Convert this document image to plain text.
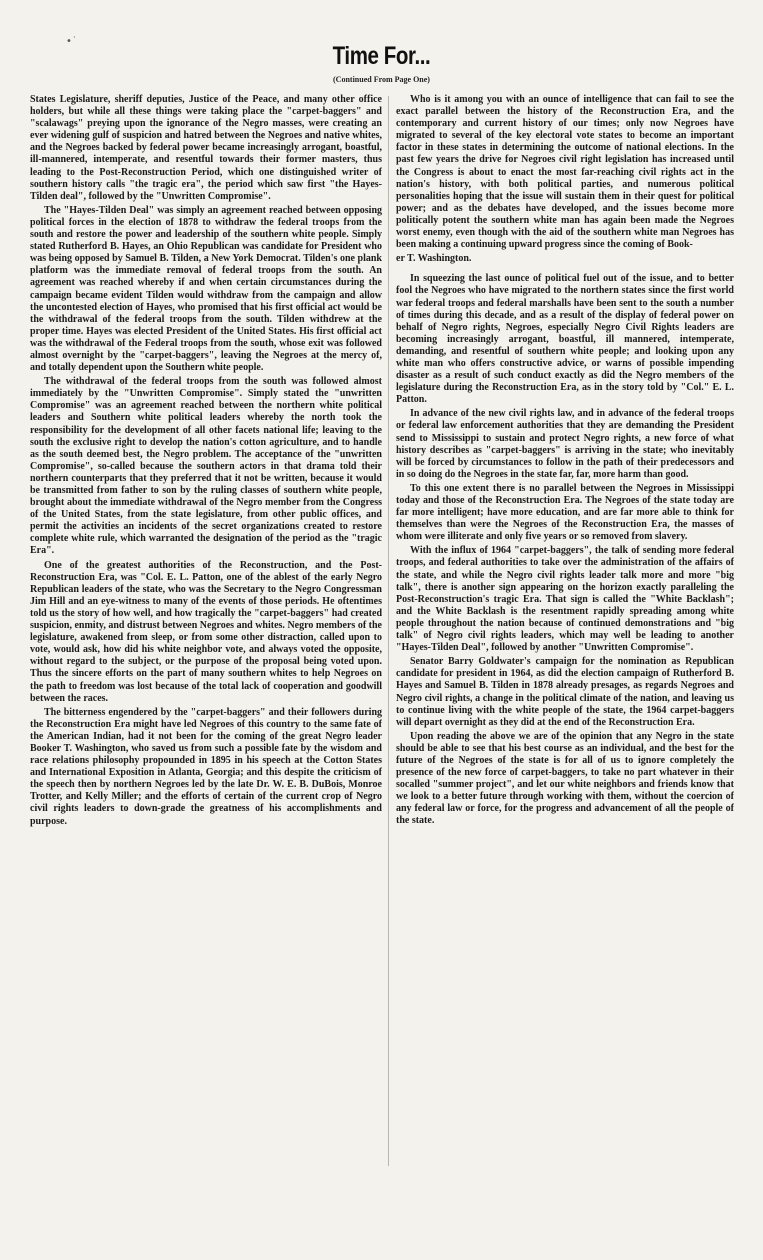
•˙
Time For...
(Continued From Page One)

States Legislature, sheriff deputies, Justice of the Peace, and many other office holders, but while all these things were taking place the "carpet-baggers" and "scalawags" preying upon the ignorance of the Negro masses, were creating an ever widening gulf of suspicion and hatred between the Negroes and native whites, and the Negroes backed by federal power became increasingly arrogant, boastful, ill-mannered, intemperate, and resentful towards their former masters, thus leading to the Post-Reconstruction Period, which one distinguished writer of southern history calls "the tragic era", the period which saw first "the Hayes-Tilden deal", followed by the "Unwritten Compromise".

The "Hayes-Tilden Deal" was simply an agreement reached between opposing political forces in the election of 1878 to withdraw the federal troops from the south and restore the power and leadership of the southern white people. Simply stated Rutherford B. Hayes, an Ohio Republican was candidate for President who was being opposed by Samuel B. Tilden, a New York Democrat. Tilden's one plank platform was the immediate removal of federal troops from the south. An agreement was reached whereby if and when certain circumstances during the campaign became evident Tilden would withdraw from the campaign and allow the uncontested election of Hayes, who promised that his first official act would be the withdrawal of the federal troops from the south. Tilden withdrew at the proper time. Hayes was elected President of the United States. His first official act was the withdrawal of the Federal troops from the south, whose exit was followed almost overnight by the "carpet-baggers", leaving the Negroes at the mercy of, and totally dependent upon the Southern white people.

The withdrawal of the federal troops from the south was followed almost immediately by the "Unwritten Compromise". Simply stated the "unwritten Compromise" was an agreement reached between the northern white political leaders and Southern white political leaders whereby the north took the responsibility for the development of all other facets national life; leaving to the south the exclusive right to develop the nation's cotton agriculture, and to handle as the south deemed best, the Negro problem. The acceptance of the "unwritten Compromise", so-called because the southern actors in that drama told their northern counterparts that they preferred that it not be written, because it would be transmitted from father to son by the ruling classes of southern white people, brought about the immediate withdrawal of the Negro member from the Congress of the United States, from the state legislature, from other public offices, and permit the activities an incidents of the secret organizations created to restore complete white rule, which warranted the designation of the period as the "tragic Era".

One of the greatest authorities of the Reconstruction, and the Post-Reconstruction Era, was "Col. E. L. Patton, one of the ablest of the early Negro Republican leaders of the state, who was the Secretary to the Negro Congressman Jim Hill and an eye-witness to many of the events of those periods. He oftentimes told us the story of how well, and how tragically the "carpet-baggers" had created suspicion, enmity, and distrust between Negroes and whites. Negro members of the legislature, awakened from sleep, or from some other distraction, called upon to vote, would ask, how did his white neighbor vote, and always voted the opposite, without regard to the subject, or the purpose of the proposal being voted upon. Thus the sincere efforts on the part of many southern whites to help Negroes on the path to freedom was lost because of the total lack of cooperation and goodwill between the races.

The bitterness engendered by the "carpet-baggers" and their followers during the Reconstruction Era might have led Negroes of this country to the same fate of the American Indian, had it not been for the coming of the great Negro leader Booker T. Washington, who saved us from such a possible fate by the wisdom and race relations philosophy propounded in 1895 in his speech at the Cotton States and International Exposition in Atlanta, Georgia; and this despite the criticism of the speech then by northern Negroes led by the late Dr. W. E. B. DuBois, Monroe Trotter, and Kelly Miller; and the efforts of certain of the current crop of Negro civil rights leaders to down-grade the greatness of his accomplishments and purpose.

Who is it among you with an ounce of intelligence that can fail to see the exact parallel between the history of the Reconstruction Era, and the contemporary and current history of our times; only now Negroes have migrated to several of the key electoral vote states to become an important factor in these states in determining the outcome of national elections. In the past few years the drive for Negroes civil right legislation has increased until the Congress is about to enact the most far-reaching civil rights act in the nation's history, with both political parties, and numerous political personalities hoping that the issue will sustain them in their quest for political power; and as the debates have developed, and the issues become more politically potent the southern white man has again been made the Negroes worst enemy, even though with the aid of the southern white man Negroes has been making a continuing upward progress since the coming of Book-

er T. Washington.

In squeezing the last ounce of political fuel out of the issue, and to better fool the Negroes who have migrated to the northern states since the first world war federal troops and federal marshalls have been sent to the south a number of times during this decade, and as a result of the display of federal power on behalf of Negro rights, Negroes, especially Negro Civil Rights leaders are becoming increasingly arrogant, boastful, ill mannered, intemperate, demanding, and resentful of southern white people; and looking upon any white man who offers constructive advice, or warns of possible impending disaster as a result of such conduct exactly as did the Negro members of the legislature during the Reconstruction Era, as in the story told by "Col." E. L. Patton.

In advance of the new civil rights law, and in advance of the federal troops or federal law enforcement authorities that they are demanding the President send to Mississippi to sustain and protect Negro rights, a new force of what history describes as "carpet-baggers" is arriving in the state; who inevitably will be forced by circumstances to follow in the path of their predecessors and in so doing do the Negroes in the state far, far, more harm than good.

To this one extent there is no parallel between the Negroes in Mississippi today and those of the Reconstruction Era. The Negroes of the state today are far more intelligent; have more education, and are far more able to think for themselves than were the Negroes of the Reconstruction Era, the masses of whom were illiterate and only five years or so removed from slavery.

With the influx of 1964 "carpet-baggers", the talk of sending more federal troops, and federal authorities to take over the administration of the affairs of the state, and while the Negro civil rights leader talk more and more "big talk", there is another sign appearing on the horizon exactly paralleling the Post-Reconstruction's tragic Era. That sign is called the "White Backlash"; and the White Backlash is the resentment rapidly spreading among white people throughout the nation because of continued demonstrations and "big talk" of Negro civil rights leaders, which may well be leading to another "Hayes-Tilden Deal", followed by another "Unwritten Compromise".

Senator Barry Goldwater's campaign for the nomination as Republican candidate for president in 1964, as did the election campaign of Rutherford B. Hayes and Samuel B. Tilden in 1878 already presages, as regards Negroes and Negro civil rights, a change in the political climate of the nation, and leaving us to continue living with the white people of the state, the 1964 carpet-baggers will depart overnight as they did at the end of the Reconstruction Era.

Upon reading the above we are of the opinion that any Negro in the state should be able to see that his best course as an individual, and the best for the future of the Negroes of the state is for all of us to ignore completely the presence of the new force of carpet-baggers, to take no part whatever in their socalled "summer project", and let our white neighbors and friends know that we look to a better future through working with them, without the coercion of any federal law or force, for the progress and advancement of all the people of the state.
